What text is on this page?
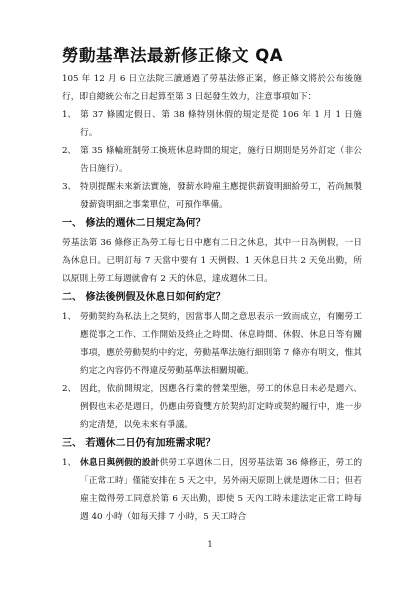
勞動基準法最新修正條文 QA

105 年 12 月 6 日立法院三讀通過了勞基法修正案，修正條文將於公布後施行，即自總統公布之日起算至第 3 日起發生效力，注意事項如下：

1、 第 37 條國定假日、第 38 條特別休假的規定是從 106 年 1 月 1 日施行。

2、 第 35 條輪班制勞工換班休息時間的規定，施行日期則是另外訂定（非公告日施行）。

3、 特別提醒未來新法實施，發薪水時雇主應提供薪資明細給勞工，若尚無製發薪資明細之事業單位，可預作準備。

一、 修法的週休二日規定為何？

勞基法第 36 條修正為勞工每七日中應有二日之休息，其中一日為例假，一日為休息日。已明訂每 7 天當中要有 1 天例假、1 天休息日共 2 天免出勤，所以原則上勞工每週就會有 2 天的休息，達成週休二日。

二、 修法後例假及休息日如何約定？

1、 勞動契約為私法上之契約，因當事人間之意思表示一致而成立，有關勞工應從事之工作、工作開始及終止之時間、休息時間、休假、休息日等有關事項，應於勞動契約中約定，勞動基準法施行細則第 7 條亦有明文，惟其約定之內容仍不得違反勞動基準法相關規範。

2、 因此，依前開規定，因應各行業的營業型態，勞工的休息日未必是週六、例假也未必是週日，仍應由勞資雙方於契約訂定時或契約履行中，進一步約定清楚，以免未來有爭議。

三、 若週休二日仍有加班需求呢？

1、 休息日與例假的設計供勞工享週休二日，因勞基法第 36 條修正，勞工的「正常工時」僅能安排在 5 天之中，另外兩天原則上就是週休二日；但若雇主徵得勞工同意於第 6 天出勤，即使 5 天內工時未達法定正常工時每週 40 小時（如每天排 7 小時，5 天工時合

1
